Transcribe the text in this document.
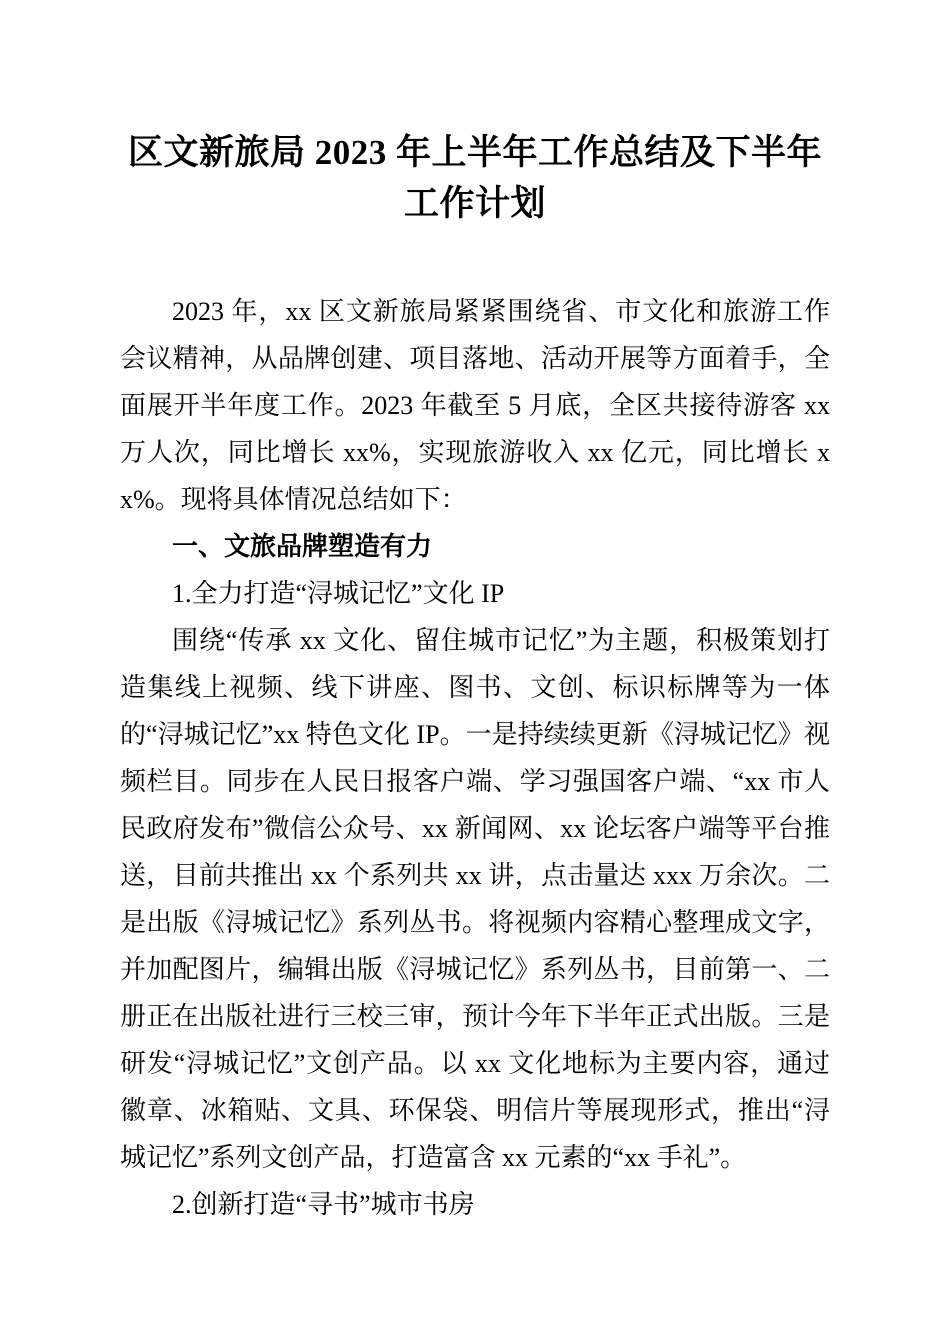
区文新旅局 2023 年上半年工作总结及下半年工作计划

2023 年，xx 区文新旅局紧紧围绕省、市文化和旅游工作会议精神，从品牌创建、项目落地、活动开展等方面着手，全面展开半年度工作。2023 年截至 5 月底，全区共接待游客 xx 万人次，同比增长 xx%，实现旅游收入 xx 亿元，同比增长 xx%。现将具体情况总结如下：

一、文旅品牌塑造有力

1.全力打造“浔城记忆”文化 IP

围绕“传承 xx 文化、留住城市记忆”为主题，积极策划打造集线上视频、线下讲座、图书、文创、标识标牌等为一体的“浔城记忆”xx 特色文化 IP。一是持续续更新《浔城记忆》视频栏目。同步在人民日报客户端、学习强国客户端、“xx 市人民政府发布”微信公众号、xx 新闻网、xx 论坛客户端等平台推送，目前共推出 xx 个系列共 xx 讲，点击量达 xxx 万余次。二是出版《浔城记忆》系列丛书。将视频内容精心整理成文字，并加配图片，编辑出版《浔城记忆》系列丛书，目前第一、二册正在出版社进行三校三审，预计今年下半年正式出版。三是研发“浔城记忆”文创产品。以 xx 文化地标为主要内容，通过徽章、冰箱贴、文具、环保袋、明信片等展现形式，推出“浔城记忆”系列文创产品，打造富含 xx 元素的“xx 手礼”。

2.创新打造“寻书”城市书房
